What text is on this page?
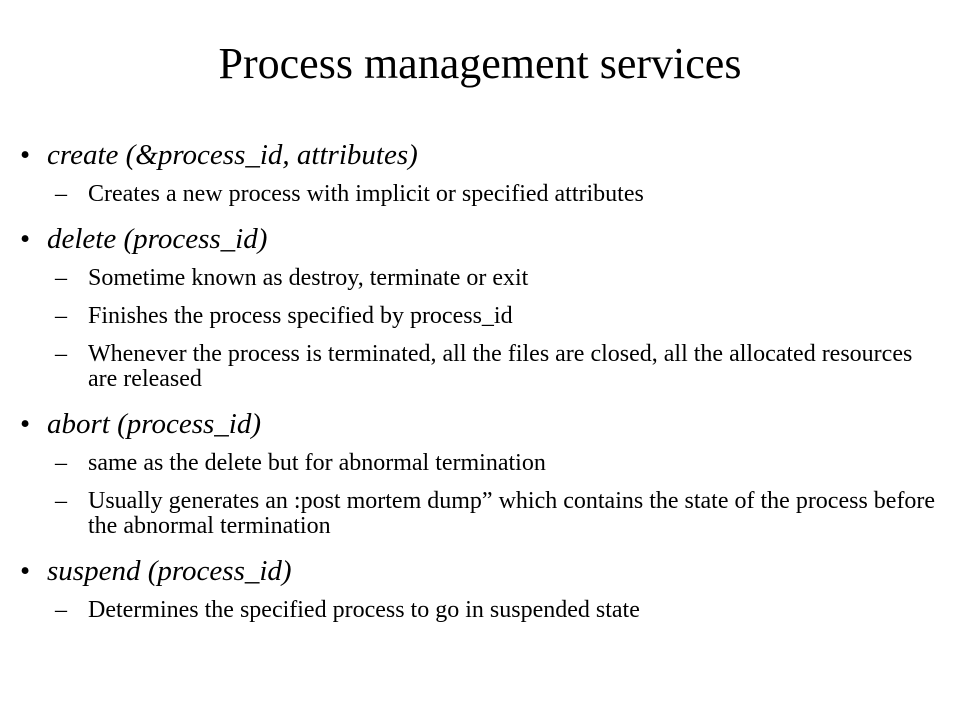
Process management services
• create (&process_id, attributes)
– Creates a new process with implicit or specified attributes
• delete (process_id)
– Sometime known as destroy, terminate or exit
– Finishes the process specified by process_id
– Whenever the process is terminated, all the files are closed, all the allocated resources are released
• abort (process_id)
– same as the delete but for abnormal termination
– Usually generates an :post mortem dump” which contains the state of the process before the abnormal termination
• suspend (process_id)
– Determines the specified process to go in suspended state
